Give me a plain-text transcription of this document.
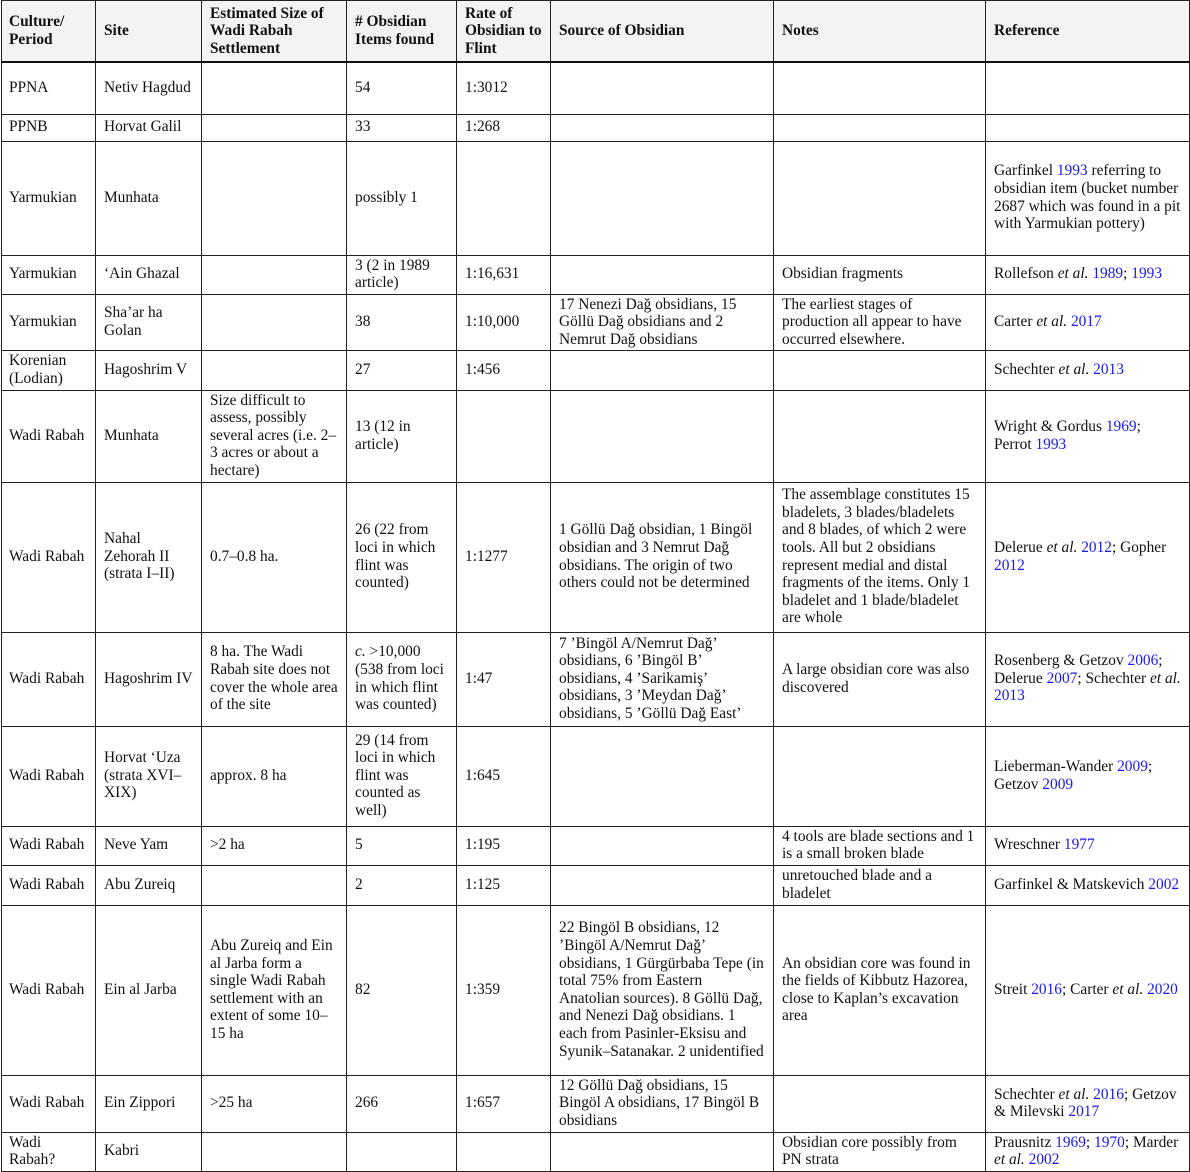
Culture/ Period	Site	Estimated Size of Wadi Rabah Settlement	# Obsidian Items found	Rate of Obsidian to Flint	Source of Obsidian	Notes	Reference
PPNA	Netiv Hagdud		54	1:3012			
PPNB	Horvat Galil		33	1:268			
Yarmukian	Munhata		possibly 1				Garfinkel 1993 referring to obsidian item (bucket number 2687 which was found in a pit with Yarmukian pottery)
Yarmukian	‘Ain Ghazal		3 (2 in 1989 article)	1:16,631		Obsidian fragments	Rollefson et al. 1989; 1993
Yarmukian	Sha’ar ha Golan		38	1:10,000	17 Nenezi Dağ obsidians, 15 Göllü Dağ obsidians and 2 Nemrut Dağ obsidians	The earliest stages of production all appear to have occurred elsewhere.	Carter et al. 2017
Korenian (Lodian)	Hagoshrim V		27	1:456			Schechter et al. 2013
Wadi Rabah	Munhata	Size difficult to assess, possibly several acres (i.e. 2–3 acres or about a hectare)	13 (12 in article)				Wright & Gordus 1969; Perrot 1993
Wadi Rabah	Nahal Zehorah II (strata I–II)	0.7–0.8 ha.	26 (22 from loci in which flint was counted)	1:1277	1 Göllü Dağ obsidian, 1 Bingöl obsidian and 3 Nemrut Dağ obsidians. The origin of two others could not be determined	The assemblage constitutes 15 bladelets, 3 blades/bladelets and 8 blades, of which 2 were tools. All but 2 obsidians represent medial and distal fragments of the items. Only 1 bladelet and 1 blade/bladelet are whole	Delerue et al. 2012; Gopher 2012
Wadi Rabah	Hagoshrim IV	8 ha. The Wadi Rabah site does not cover the whole area of the site	c. >10,000 (538 from loci in which flint was counted)	1:47	7 ’Bingöl A/Nemrut Dağ’ obsidians, 6 ’Bingöl B’ obsidians, 4 ’Sarikamiş’ obsidians, 3 ’Meydan Dağ’ obsidians, 5 ’Göllü Dağ East’	A large obsidian core was also discovered	Rosenberg & Getzov 2006; Delerue 2007; Schechter et al. 2013
Wadi Rabah	Horvat ‘Uza (strata XVI–XIX)	approx. 8 ha	29 (14 from loci in which flint was counted as well)	1:645			Lieberman-Wander 2009; Getzov 2009
Wadi Rabah	Neve Yam	>2 ha	5	1:195		4 tools are blade sections and 1 is a small broken blade	Wreschner 1977
Wadi Rabah	Abu Zureiq		2	1:125		unretouched blade and a bladelet	Garfinkel & Matskevich 2002
Wadi Rabah	Ein al Jarba	Abu Zureiq and Ein al Jarba form a single Wadi Rabah settlement with an extent of some 10–15 ha	82	1:359	22 Bingöl B obsidians, 12 ’Bingöl A/Nemrut Dağ’ obsidians, 1 Gürgürbaba Tepe (in total 75% from Eastern Anatolian sources). 8 Göllü Dağ, and Nenezi Dağ obsidians. 1 each from Pasinler-Eksisu and Syunik–Satanakar. 2 unidentified	An obsidian core was found in the fields of Kibbutz Hazorea, close to Kaplan’s excavation area	Streit 2016; Carter et al. 2020
Wadi Rabah	Ein Zippori	>25 ha	266	1:657	12 Göllü Dağ obsidians, 15 Bingöl A obsidians, 17 Bingöl B obsidians		Schechter et al. 2016; Getzov & Milevski 2017
Wadi Rabah?	Kabri					Obsidian core possibly from PN strata	Prausnitz 1969; 1970; Marder et al. 2002
